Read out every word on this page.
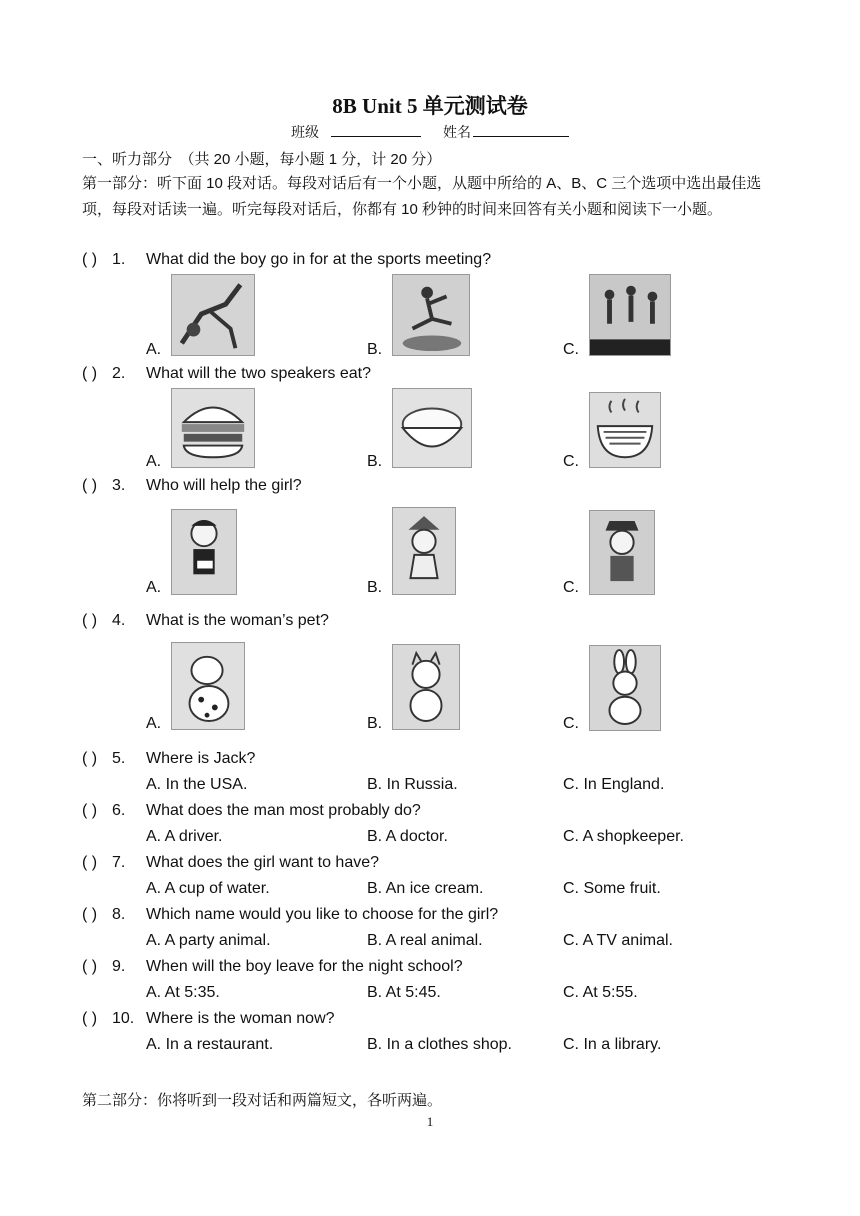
8B Unit 5 单元测试卷
班级	姓名
一、听力部分　（共 20 小题，每小题 1 分，计 20 分）
第一部分：听下面 10 段对话。每段对话后有一个小题，从题中所给的 A、B、C 三个选项中选出最佳选项，每段对话读一遍。听完每段对话后，你都有 10 秒钟的时间来回答有关小题和阅读下一小题。
( ) 1. What did the boy go in for at the sports meeting?
A.	B.	C.
( ) 2. What will the two speakers eat?
A.	B.	C.
( ) 3. Who will help the girl?
A.	B.	C.
( ) 4. What is the woman’s pet?
A.	B.	C.
( ) 5. Where is Jack?
A. In the USA.	B. In Russia.	C. In England.
( ) 6. What does the man most probably do?
A. A driver.	B. A doctor.	C. A shopkeeper.
( ) 7. What does the girl want to have?
A. A cup of water.	B. An ice cream.	C. Some fruit.
( ) 8. Which name would you like to choose for the girl?
A. A party animal.	B. A real animal.	C. A TV animal.
( ) 9. When will the boy leave for the night school?
A. At 5:35.	B. At 5:45.	C. At 5:55.
( ) 10. Where is the woman now?
A. In a restaurant.	B. In a clothes shop.	C. In a library.
第二部分：你将听到一段对话和两篇短文，各听两遍。
1
